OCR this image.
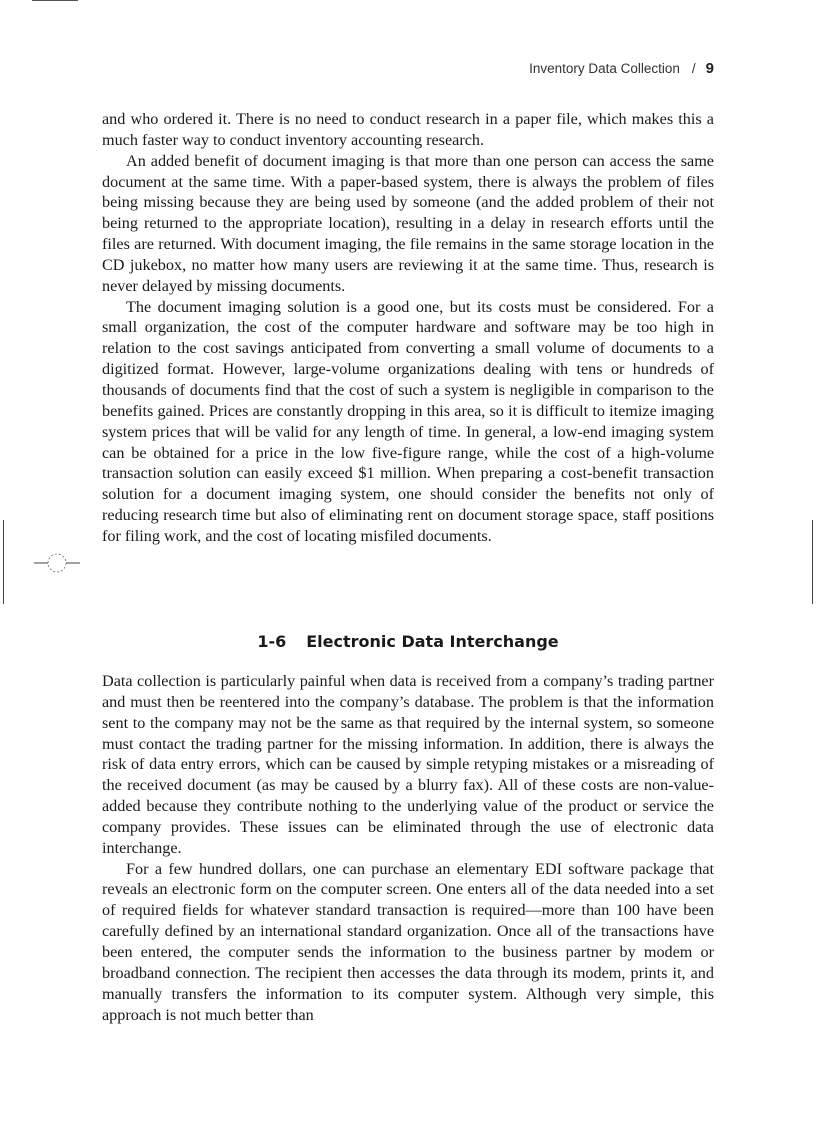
Inventory Data Collection / 9

and who ordered it. There is no need to conduct research in a paper file, which makes this a much faster way to conduct inventory accounting research.

An added benefit of document imaging is that more than one person can access the same document at the same time. With a paper-based system, there is always the problem of files being missing because they are being used by someone (and the added problem of their not being returned to the appropriate location), resulting in a delay in research efforts until the files are returned. With document imaging, the file remains in the same storage location in the CD jukebox, no matter how many users are reviewing it at the same time. Thus, research is never delayed by missing documents.

The document imaging solution is a good one, but its costs must be considered. For a small organization, the cost of the computer hardware and software may be too high in relation to the cost savings anticipated from converting a small volume of documents to a digitized format. However, large-volume organizations dealing with tens or hundreds of thousands of documents find that the cost of such a system is negligible in comparison to the benefits gained. Prices are constantly dropping in this area, so it is difficult to itemize imaging system prices that will be valid for any length of time. In general, a low-end imaging system can be obtained for a price in the low five-figure range, while the cost of a high-volume transaction solution can easily exceed $1 million. When preparing a cost-benefit transaction solution for a document imaging system, one should consider the benefits not only of reducing research time but also of eliminating rent on document storage space, staff positions for filing work, and the cost of locating misfiled documents.

1-6 Electronic Data Interchange

Data collection is particularly painful when data is received from a company’s trading partner and must then be reentered into the company’s database. The problem is that the information sent to the company may not be the same as that required by the internal system, so someone must contact the trading partner for the missing information. In addition, there is always the risk of data entry errors, which can be caused by simple retyping mistakes or a misreading of the received document (as may be caused by a blurry fax). All of these costs are non-value-added because they contribute nothing to the underlying value of the product or service the company provides. These issues can be eliminated through the use of electronic data interchange.

For a few hundred dollars, one can purchase an elementary EDI software package that reveals an electronic form on the computer screen. One enters all of the data needed into a set of required fields for whatever standard transaction is required—more than 100 have been carefully defined by an international standard organization. Once all of the transactions have been entered, the computer sends the information to the business partner by modem or broadband connection. The recipient then accesses the data through its modem, prints it, and manually transfers the information to its computer system. Although very simple, this approach is not much better than
